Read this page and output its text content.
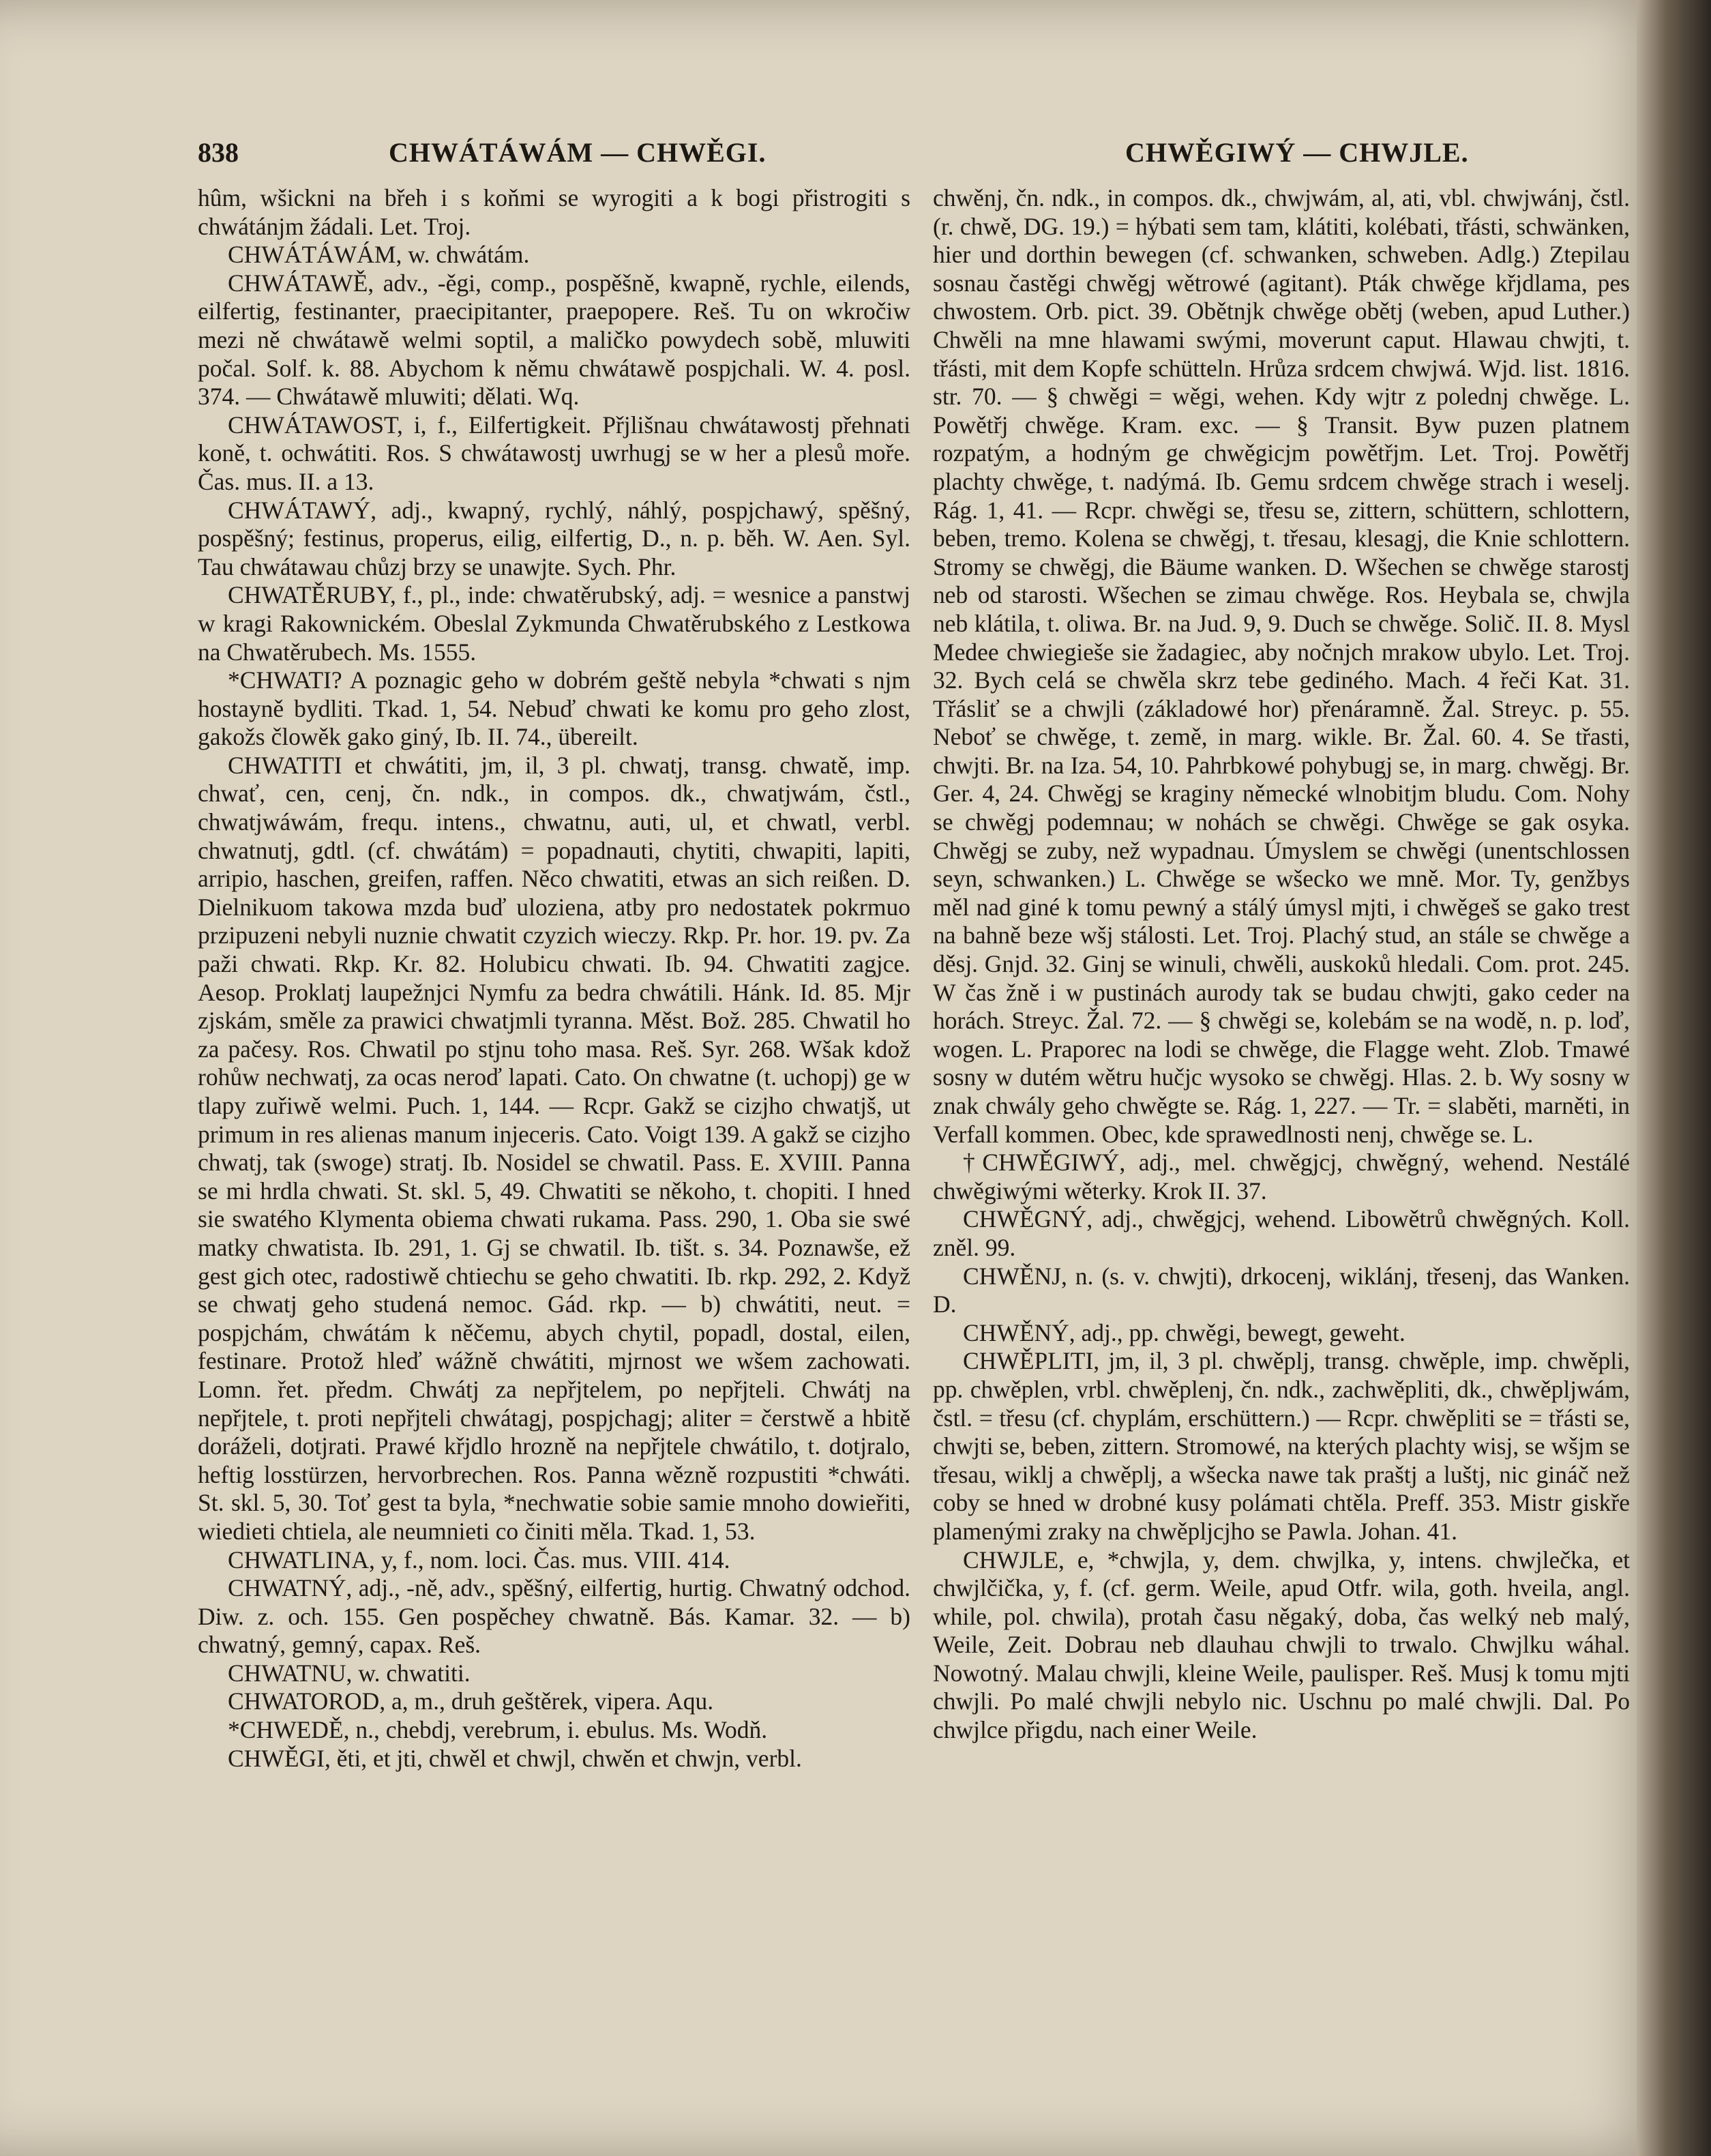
838	CHWÁTÁWÁM — CHWĚGI.	CHWĚGIWÝ — CHWJLE.

hûm, wšickni na břeh i s koňmi se wyrogiti a k bogi přistrogiti s chwátánjm žádali. Let. Troj.

CHWÁTÁWÁM, w. chwátám.

CHWÁTAWĚ, adv., -ěgi, comp., pospěšně, kwapně, rychle, eilends, eilfertig, festinanter, praecipitanter, praepopere. Reš. Tu on wkročiw mezi ně chwátawě welmi soptil, a maličko powydech sobě, mluwiti počal. Solf. k. 88. Abychom k němu chwátawě pospjchali. W. 4. posl. 374. — Chwátawě mluwiti; dělati. Wq.

CHWÁTAWOST, i, f., Eilfertigkeit. Přjlišnau chwátawostj přehnati koně, t. ochwátiti. Ros. S chwátawostj uwrhugj se w her a plesů moře. Čas. mus. II. a 13.

CHWÁTAWÝ, adj., kwapný, rychlý, náhlý, pospjchawý, spěšný, pospěšný; festinus, properus, eilig, eilfertig, D., n. p. běh. W. Aen. Syl. Tau chwátawau chůzj brzy se unawjte. Sych. Phr.

CHWATĚRUBY, f., pl., inde: chwatěrubský, adj. = wesnice a panstwj w kragi Rakownickém. Obeslal Zykmunda Chwatěrubského z Lestkowa na Chwatěrubech. Ms. 1555.

*CHWATI? A poznagic geho w dobrém geště nebyla *chwati s njm hostayně bydliti. Tkad. 1, 54. Nebuď chwati ke komu pro geho zlost, gakožs člowěk gako giný, Ib. II. 74., übereilt.

CHWATITI et chwátiti, jm, il, 3 pl. chwatj, transg. chwatě, imp. chwať, cen, cenj, čn. ndk., in compos. dk., chwatjwám, čstl., chwatjwáwám, frequ. intens., chwatnu, auti, ul, et chwatl, verbl. chwatnutj, gdtl. (cf. chwátám) = popadnauti, chytiti, chwapiti, lapiti, arripio, haschen, greifen, raffen. Něco chwatiti, etwas an sich reißen. D. Dielnikuom takowa mzda buď uloziena, atby pro nedostatek pokrmuo przipuzeni nebyli nuznie chwatit czyzich wieczy. Rkp. Pr. hor. 19. pv. Za paži chwati. Rkp. Kr. 82. Holubicu chwati. Ib. 94. Chwatiti zagjce. Aesop. Proklatj laupežnjci Nymfu za bedra chwátili. Hánk. Id. 85. Mjr zjskám, směle za prawici chwatjmli tyranna. Měst. Bož. 285. Chwatil ho za pačesy. Ros. Chwatil po stjnu toho masa. Reš. Syr. 268. Wšak kdož rohůw nechwatj, za ocas neroď lapati. Cato. On chwatne (t. uchopj) ge w tlapy zuřiwě welmi. Puch. 1, 144. — Rcpr. Gakž se cizjho chwatjš, ut primum in res alienas manum injeceris. Cato. Voigt 139. A gakž se cizjho chwatj, tak (swoge) stratj. Ib. Nosidel se chwatil. Pass. E. XVIII. Panna se mi hrdla chwati. St. skl. 5, 49. Chwatiti se někoho, t. chopiti. I hned sie swatého Klymenta obiema chwati rukama. Pass. 290, 1. Oba sie swé matky chwatista. Ib. 291, 1. Gj se chwatil. Ib. tišt. s. 34. Poznawše, ež gest gich otec, radostiwě chtiechu se geho chwatiti. Ib. rkp. 292, 2. Když se chwatj geho studená nemoc. Gád. rkp. — b) chwátiti, neut. = pospjchám, chwátám k něčemu, abych chytil, popadl, dostal, eilen, festinare. Protož hleď wážně chwátiti, mjrnost we wšem zachowati. Lomn. řet. předm. Chwátj za nepřjtelem, po nepřjteli. Chwátj na nepřjtele, t. proti nepřjteli chwátagj, pospjchagj; aliter = čerstwě a hbitě doráželi, dotjrati. Prawé křjdlo hrozně na nepřjtele chwátilo, t. dotjralo, heftig losstürzen, hervorbrechen. Ros. Panna wězně rozpustiti *chwáti. St. skl. 5, 30. Toť gest ta byla, *nechwatie sobie samie mnoho dowieřiti, wiedieti chtiela, ale neumnieti co činiti měla. Tkad. 1, 53.

CHWATLINA, y, f., nom. loci. Čas. mus. VIII. 414.

CHWATNÝ, adj., -ně, adv., spěšný, eilfertig, hurtig. Chwatný odchod. Diw. z. och. 155. Gen pospěchey chwatně. Bás. Kamar. 32. — b) chwatný, gemný, capax. Reš.

CHWATNU, w. chwatiti.

CHWATOROD, a, m., druh geštěrek, vipera. Aqu.

*CHWEDĚ, n., chebdj, verebrum, i. ebulus. Ms. Wodň.

CHWĚGI, ěti, et jti, chwěl et chwjl, chwěn et chwjn, verbl.

chwěnj, čn. ndk., in compos. dk., chwjwám, al, ati, vbl. chwjwánj, čstl. (r. chwě, DG. 19.) = hýbati sem tam, klátiti, kolébati, třásti, schwänken, hier und dorthin bewegen (cf. schwanken, schweben. Adlg.) Ztepilau sosnau častěgi chwěgj wětrowé (agitant). Pták chwěge křjdlama, pes chwostem. Orb. pict. 39. Obětnjk chwěge obětj (weben, apud Luther.) Chwěli na mne hlawami swými, moverunt caput. Hlawau chwjti, t. třásti, mit dem Kopfe schütteln. Hrůza srdcem chwjwá. Wjd. list. 1816. str. 70. — § chwěgi = wěgi, wehen. Kdy wjtr z polednj chwěge. L. Powětřj chwěge. Kram. exc. — § Transit. Byw puzen platnem rozpatým, a hodným ge chwěgicjm powětřjm. Let. Troj. Powětřj plachty chwěge, t. nadýmá. Ib. Gemu srdcem chwěge strach i weselj. Rág. 1, 41. — Rcpr. chwěgi se, třesu se, zittern, schüttern, schlottern, beben, tremo. Kolena se chwěgj, t. třesau, klesagj, die Knie schlottern. Stromy se chwěgj, die Bäume wanken. D. Wšechen se chwěge starostj neb od starosti. Wšechen se zimau chwěge. Ros. Heybala se, chwjla neb klátila, t. oliwa. Br. na Jud. 9, 9. Duch se chwěge. Solič. II. 8. Mysl Medee chwiegieše sie žadagiec, aby nočnjch mrakow ubylo. Let. Troj. 32. Bych celá se chwěla skrz tebe gediného. Mach. 4 řeči Kat. 31. Třásliť se a chwjli (základowé hor) přenáramně. Žal. Streyc. p. 55. Neboť se chwěge, t. země, in marg. wikle. Br. Žal. 60. 4. Se třasti, chwjti. Br. na Iza. 54, 10. Pahrbkowé pohybugj se, in marg. chwěgj. Br. Ger. 4, 24. Chwěgj se kraginy německé wlnobitjm bludu. Com. Nohy se chwěgj podemnau; w nohách se chwěgi. Chwěge se gak osyka. Chwěgj se zuby, než wypadnau. Úmyslem se chwěgi (unentschlossen seyn, schwanken.) L. Chwěge se wšecko we mně. Mor. Ty, genžbys měl nad giné k tomu pewný a stálý úmysl mjti, i chwěgeš se gako trest na bahně beze wšj stálosti. Let. Troj. Plachý stud, an stále se chwěge a děsj. Gnjd. 32. Ginj se winuli, chwěli, auskoků hledali. Com. prot. 245. W čas žně i w pustinách aurody tak se budau chwjti, gako ceder na horách. Streyc. Žal. 72. — § chwěgi se, kolebám se na wodě, n. p. loď, wogen. L. Praporec na lodi se chwěge, die Flagge weht. Zlob. Tmawé sosny w dutém wětru hučjc wysoko se chwěgj. Hlas. 2. b. Wy sosny w znak chwály geho chwěgte se. Rág. 1, 227. — Tr. = slaběti, marněti, in Verfall kommen. Obec, kde sprawedlnosti nenj, chwěge se. L.

†CHWĚGIWÝ, adj., mel. chwěgjcj, chwěgný, wehend. Nestálé chwěgiwými wěterky. Krok II. 37.

CHWĚGNÝ, adj., chwěgjcj, wehend. Libowětrů chwěgných. Koll. zněl. 99.

CHWĚNJ, n. (s. v. chwjti), drkocenj, wiklánj, třesenj, das Wanken. D.

CHWĚNÝ, adj., pp. chwěgi, bewegt, geweht.

CHWĚPLITI, jm, il, 3 pl. chwěplj, transg. chwěple, imp. chwěpli, pp. chwěplen, vrbl. chwěplenj, čn. ndk., zachwěpliti, dk., chwěpljwám, čstl. = třesu (cf. chyplám, erschüttern.) — Rcpr. chwěpliti se = třásti se, chwjti se, beben, zittern. Stromowé, na kterých plachty wisj, se wšjm se třesau, wiklj a chwěplj, a wšecka nawe tak praštj a luštj, nic gináč než coby se hned w drobné kusy polámati chtěla. Preff. 353. Mistr giskře plamenými zraky na chwěpljcjho se Pawla. Johan. 41.

CHWJLE, e, *chwjla, y, dem. chwjlka, y, intens. chwjlečka, et chwjlčička, y, f. (cf. germ. Weile, apud Otfr. wila, goth. hveila, angl. while, pol. chwila), protah času něgaký, doba, čas welký neb malý, Weile, Zeit. Dobrau neb dlauhau chwjli to trwalo. Chwjlku wáhal. Nowotný. Malau chwjli, kleine Weile, paulisper. Reš. Musj k tomu mjti chwjli. Po malé chwjli nebylo nic. Uschnu po malé chwjli. Dal. Po chwjlce přigdu, nach einer Weile.
